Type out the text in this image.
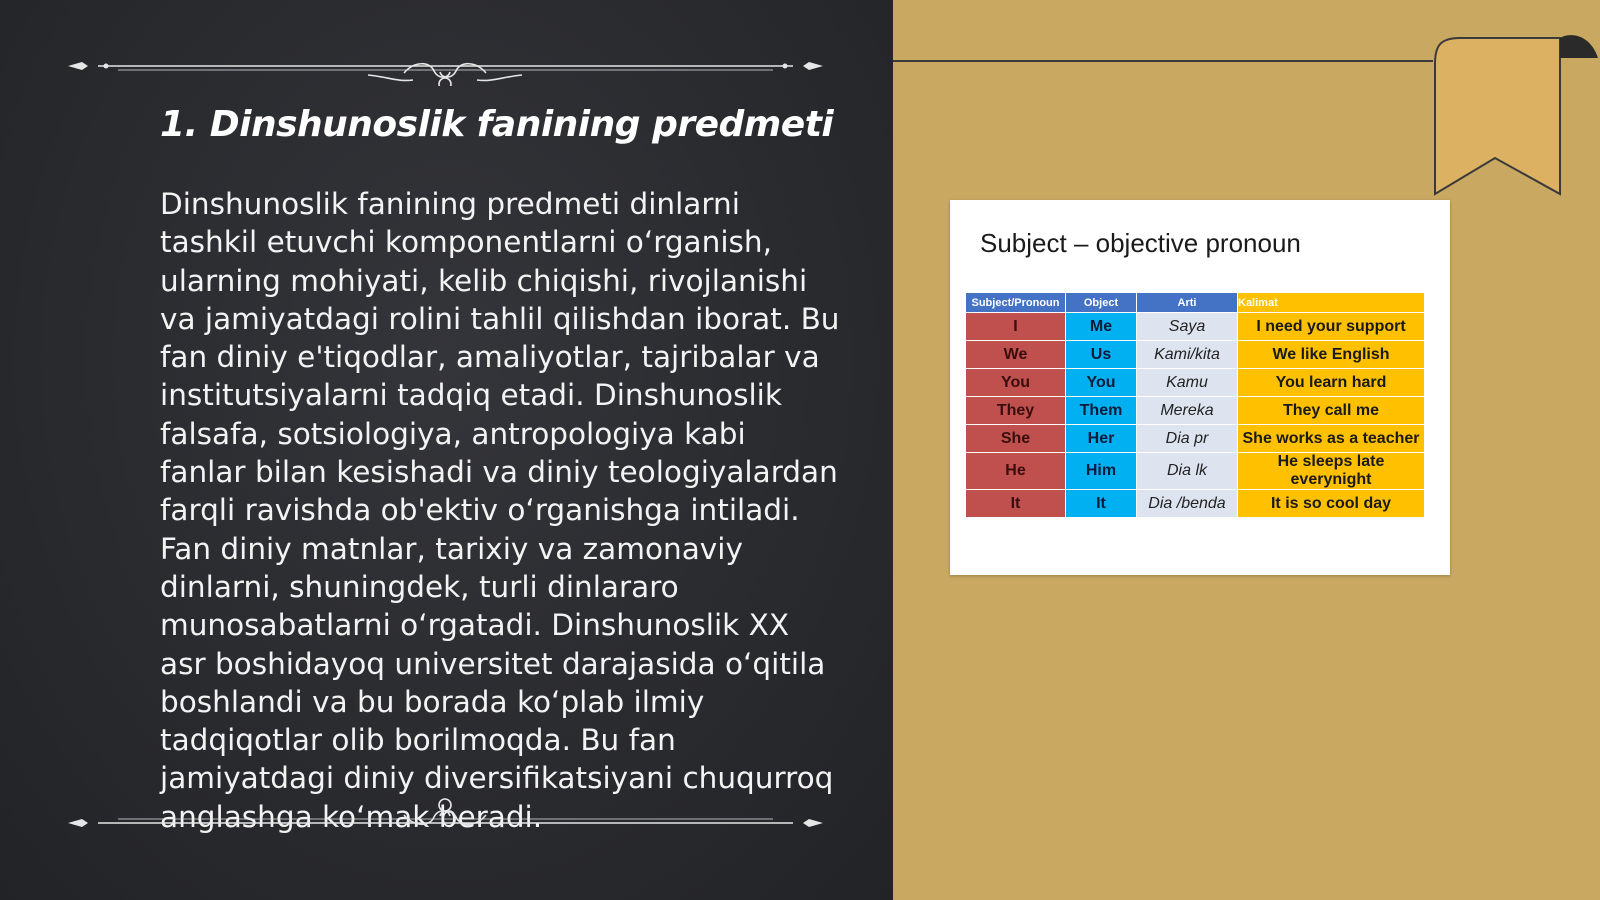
1. Dinshunoslik fanining predmeti

Dinshunoslik fanining predmeti dinlarni tashkil etuvchi komponentlarni oʻrganish, ularning mohiyati, kelib chiqishi, rivojlanishi va jamiyatdagi rolini tahlil qilishdan iborat. Bu fan diniy e'tiqodlar, amaliyotlar, tajribalar va institutsiyalarni tadqiq etadi. Dinshunoslik falsafa, sotsiologiya, antropologiya kabi fanlar bilan kesishadi va diniy teologiyalardan farqli ravishda ob'ektiv oʻrganishga intiladi. Fan diniy matnlar, tarixiy va zamonaviy dinlarni, shuningdek, turli dinlararo munosabatlarni oʻrgatadi. Dinshunoslik XX asr boshidayoq universitet darajasida oʻqitila boshlandi va bu borada koʻplab ilmiy tadqiqotlar olib borilmoqda. Bu fan jamiyatdagi diniy diversifikatsiyani chuqurroq anglashga koʻmak beradi.

Subject – objective pronoun
Subject/Pronoun	Object	Arti	Kalimat
I	Me	Saya	I need your support
We	Us	Kami/kita	We like English
You	You	Kamu	You learn hard
They	Them	Mereka	They call me
She	Her	Dia pr	She works as a teacher
He	Him	Dia lk	He sleeps late everynight
It	It	Dia /benda	It is so cool day
